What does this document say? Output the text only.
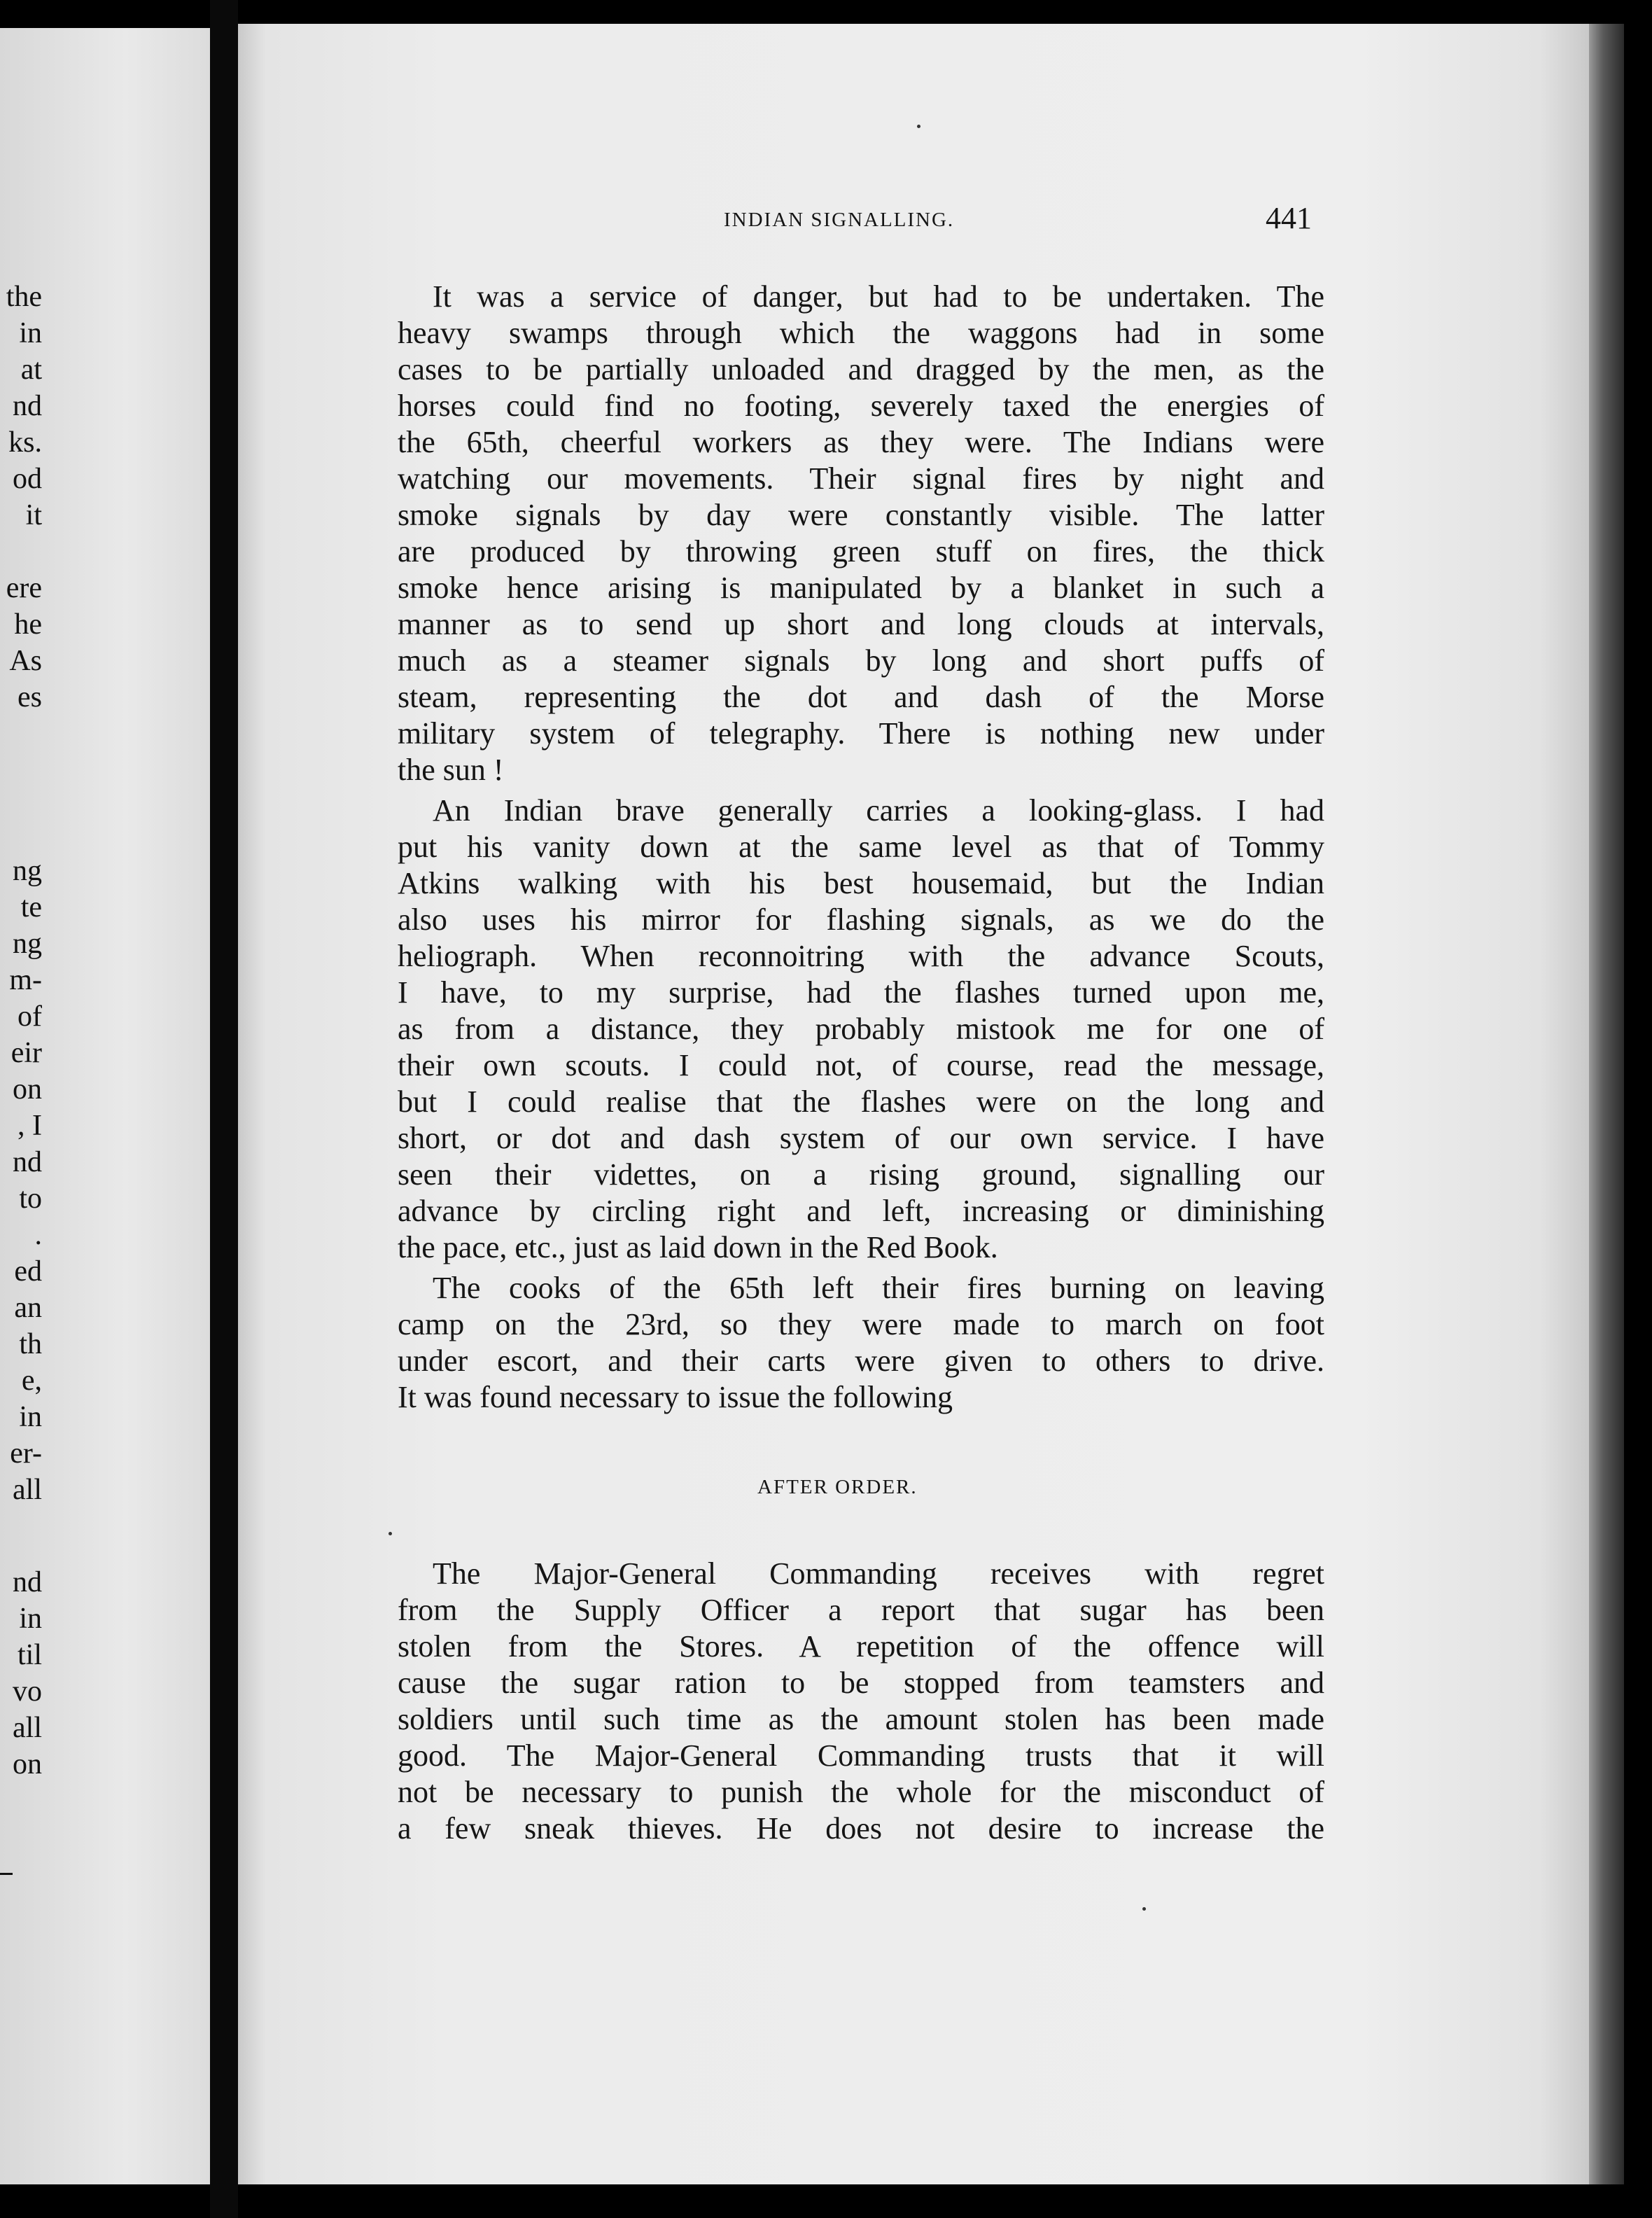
the
in
at
nd
ks.
od
it
ere
he
As
es
ng
te
ng
m-
of
eir
on
, I
nd
to
.
ed
an
th
e,
in
er-
all
nd
in
til
vo
all
on
INDIAN SIGNALLING.	441
It was a service of danger, but had to be undertaken. The
heavy swamps through which the waggons had in some
cases to be partially unloaded and dragged by the men, as the
horses could find no footing, severely taxed the energies of
the 65th, cheerful workers as they were. The Indians were
watching our movements. Their signal fires by night and
smoke signals by day were constantly visible. The latter
are produced by throwing green stuff on fires, the thick
smoke hence arising is manipulated by a blanket in such a
manner as to send up short and long clouds at intervals,
much as a steamer signals by long and short puffs of
steam, representing the dot and dash of the Morse
military system of telegraphy. There is nothing new under
the sun !
An Indian brave generally carries a looking-glass. I had
put his vanity down at the same level as that of Tommy
Atkins walking with his best housemaid, but the Indian
also uses his mirror for flashing signals, as we do the
heliograph. When reconnoitring with the advance Scouts,
I have, to my surprise, had the flashes turned upon me,
as from a distance, they probably mistook me for one of
their own scouts. I could not, of course, read the message,
but I could realise that the flashes were on the long and
short, or dot and dash system of our own service. I have
seen their videttes, on a rising ground, signalling our
advance by circling right and left, increasing or diminishing
the pace, etc., just as laid down in the Red Book.
The cooks of the 65th left their fires burning on leaving
camp on the 23rd, so they were made to march on foot
under escort, and their carts were given to others to drive.
It was found necessary to issue the following
AFTER ORDER.
The Major-General Commanding receives with regret
from the Supply Officer a report that sugar has been
stolen from the Stores. A repetition of the offence will
cause the sugar ration to be stopped from teamsters and
soldiers until such time as the amount stolen has been made
good. The Major-General Commanding trusts that it will
not be necessary to punish the whole for the misconduct of
a few sneak thieves. He does not desire to increase the
